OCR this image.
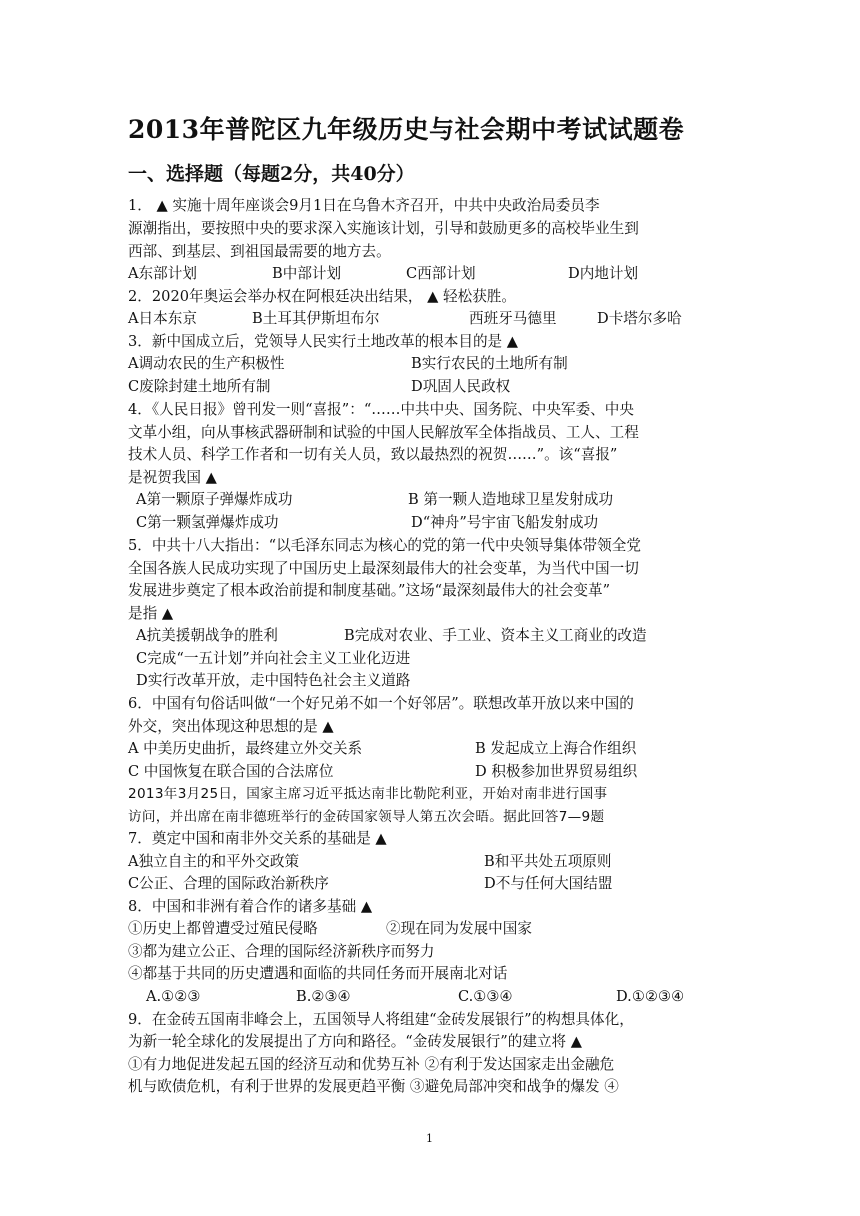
2013年普陀区九年级历史与社会期中考试试题卷
一、选择题（每题2分，共40分）
1． ▲ 实施十周年座谈会9月1日在乌鲁木齐召开，中共中央政治局委员李
源潮指出，要按照中央的要求深入实施该计划，引导和鼓励更多的高校毕业生到
西部、到基层、到祖国最需要的地方去。
A东部计划	B中部计划	C西部计划	D内地计划
2．2020年奥运会举办权在阿根廷决出结果， ▲ 轻松获胜。
A日本东京	B土耳其伊斯坦布尔	西班牙马德里	D卡塔尔多哈
3．新中国成立后，党领导人民实行土地改革的根本目的是 ▲
A调动农民的生产积极性	B实行农民的土地所有制
C废除封建土地所有制	D巩固人民政权
4．《人民日报》曾刊发一则“喜报”：“……中共中央、国务院、中央军委、中央
文革小组，向从事核武器研制和试验的中国人民解放军全体指战员、工人、工程
技术人员、科学工作者和一切有关人员，致以最热烈的祝贺……”。该“喜报”
是祝贺我国 ▲
A第一颗原子弹爆炸成功	B 第一颗人造地球卫星发射成功
C第一颗氢弹爆炸成功	D“神舟”号宇宙飞船发射成功
5．中共十八大指出：“以毛泽东同志为核心的党的第一代中央领导集体带领全党
全国各族人民成功实现了中国历史上最深刻最伟大的社会变革，为当代中国一切
发展进步奠定了根本政治前提和制度基础。”这场“最深刻最伟大的社会变革”
是指 ▲
A抗美援朝战争的胜利	B完成对农业、手工业、资本主义工商业的改造
C完成“一五计划”并向社会主义工业化迈进
D实行改革开放，走中国特色社会主义道路
6．中国有句俗话叫做“一个好兄弟不如一个好邻居”。联想改革开放以来中国的
外交，突出体现这种思想的是 ▲
A 中美历史曲折，最终建立外交关系	B 发起成立上海合作组织
C 中国恢复在联合国的合法席位	D 积极参加世界贸易组织
2013年3月25日，国家主席习近平抵达南非比勒陀利亚，开始对南非进行国事
访问，并出席在南非德班举行的金砖国家领导人第五次会晤。据此回答7—9题
7．奠定中国和南非外交关系的基础是 ▲
A独立自主的和平外交政策	B和平共处五项原则
C公正、合理的国际政治新秩序	D不与任何大国结盟
8．中国和非洲有着合作的诸多基础 ▲
①历史上都曾遭受过殖民侵略	②现在同为发展中国家
③都为建立公正、合理的国际经济新秩序而努力
④都基于共同的历史遭遇和面临的共同任务而开展南北对话
A.①②③	B.②③④	C.①③④	D.①②③④
9．在金砖五国南非峰会上，五国领导人将组建“金砖发展银行”的构想具体化，
为新一轮全球化的发展提出了方向和路径。“金砖发展银行”的建立将 ▲
①有力地促进发起五国的经济互动和优势互补 ②有利于发达国家走出金融危
机与欧债危机，有利于世界的发展更趋平衡 ③避免局部冲突和战争的爆发 ④
1
